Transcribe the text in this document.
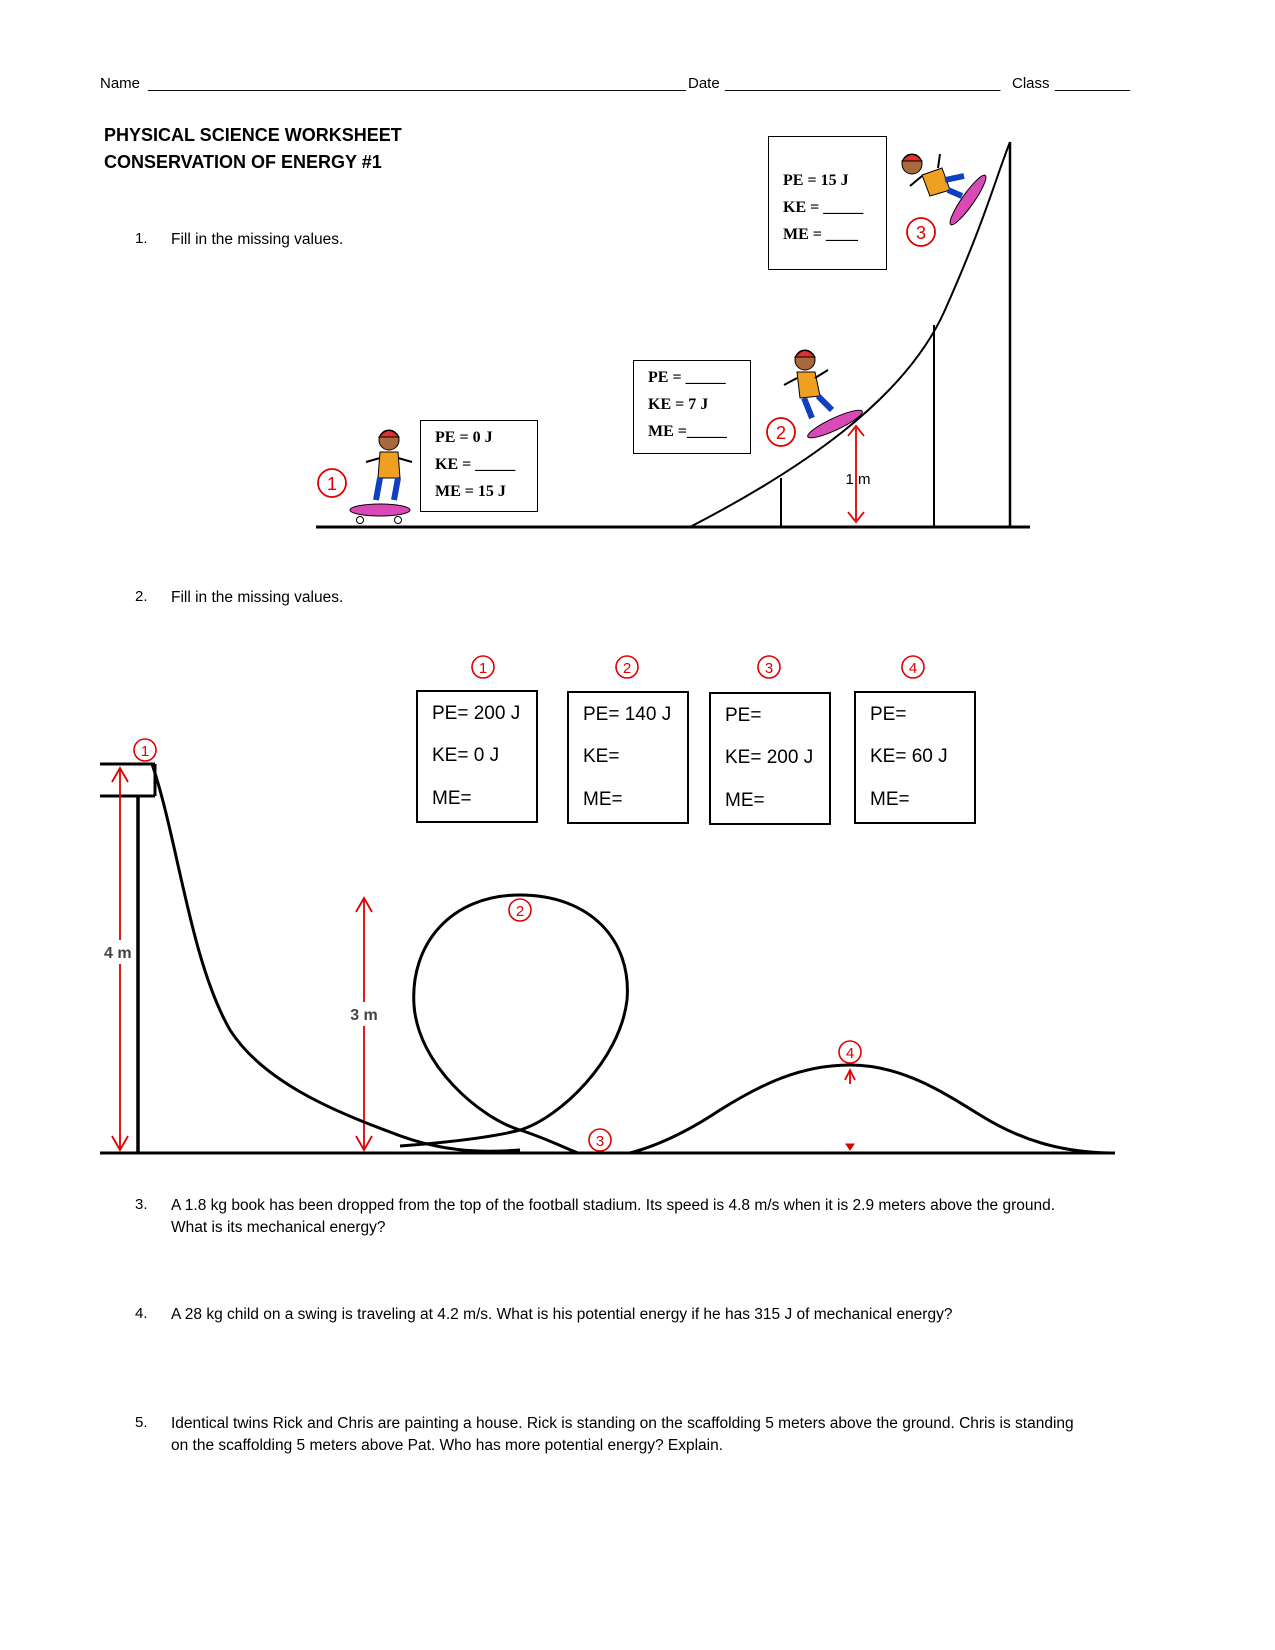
Name _______________________________________________________________ Date _________________________________ Class _________
PHYSICAL SCIENCE WORKSHEET
CONSERVATION OF ENERGY #1
1. Fill in the missing values.
1
2
3
1 m
PE = 0 J
KE = _____
ME = 15 J
PE = _____
KE = 7 J
ME =_____
PE = 15 J
KE = _____
ME = ____
2. Fill in the missing values.
4 m
3 m
1
2
3
4
1	2	3	4
PE= 200 J
KE= 0 J
ME=
PE= 140 J
KE=
ME=
PE=
KE= 200 J
ME=
PE=
KE= 60 J
ME=
3. A 1.8 kg book has been dropped from the top of the football stadium. Its speed is 4.8 m/s when it is 2.9 meters above the ground.
What is its mechanical energy?
4. A 28 kg child on a swing is traveling at 4.2 m/s. What is his potential energy if he has 315 J of mechanical energy?
5. Identical twins Rick and Chris are painting a house. Rick is standing on the scaffolding 5 meters above the ground. Chris is standing
on the scaffolding 5 meters above Pat. Who has more potential energy? Explain.
